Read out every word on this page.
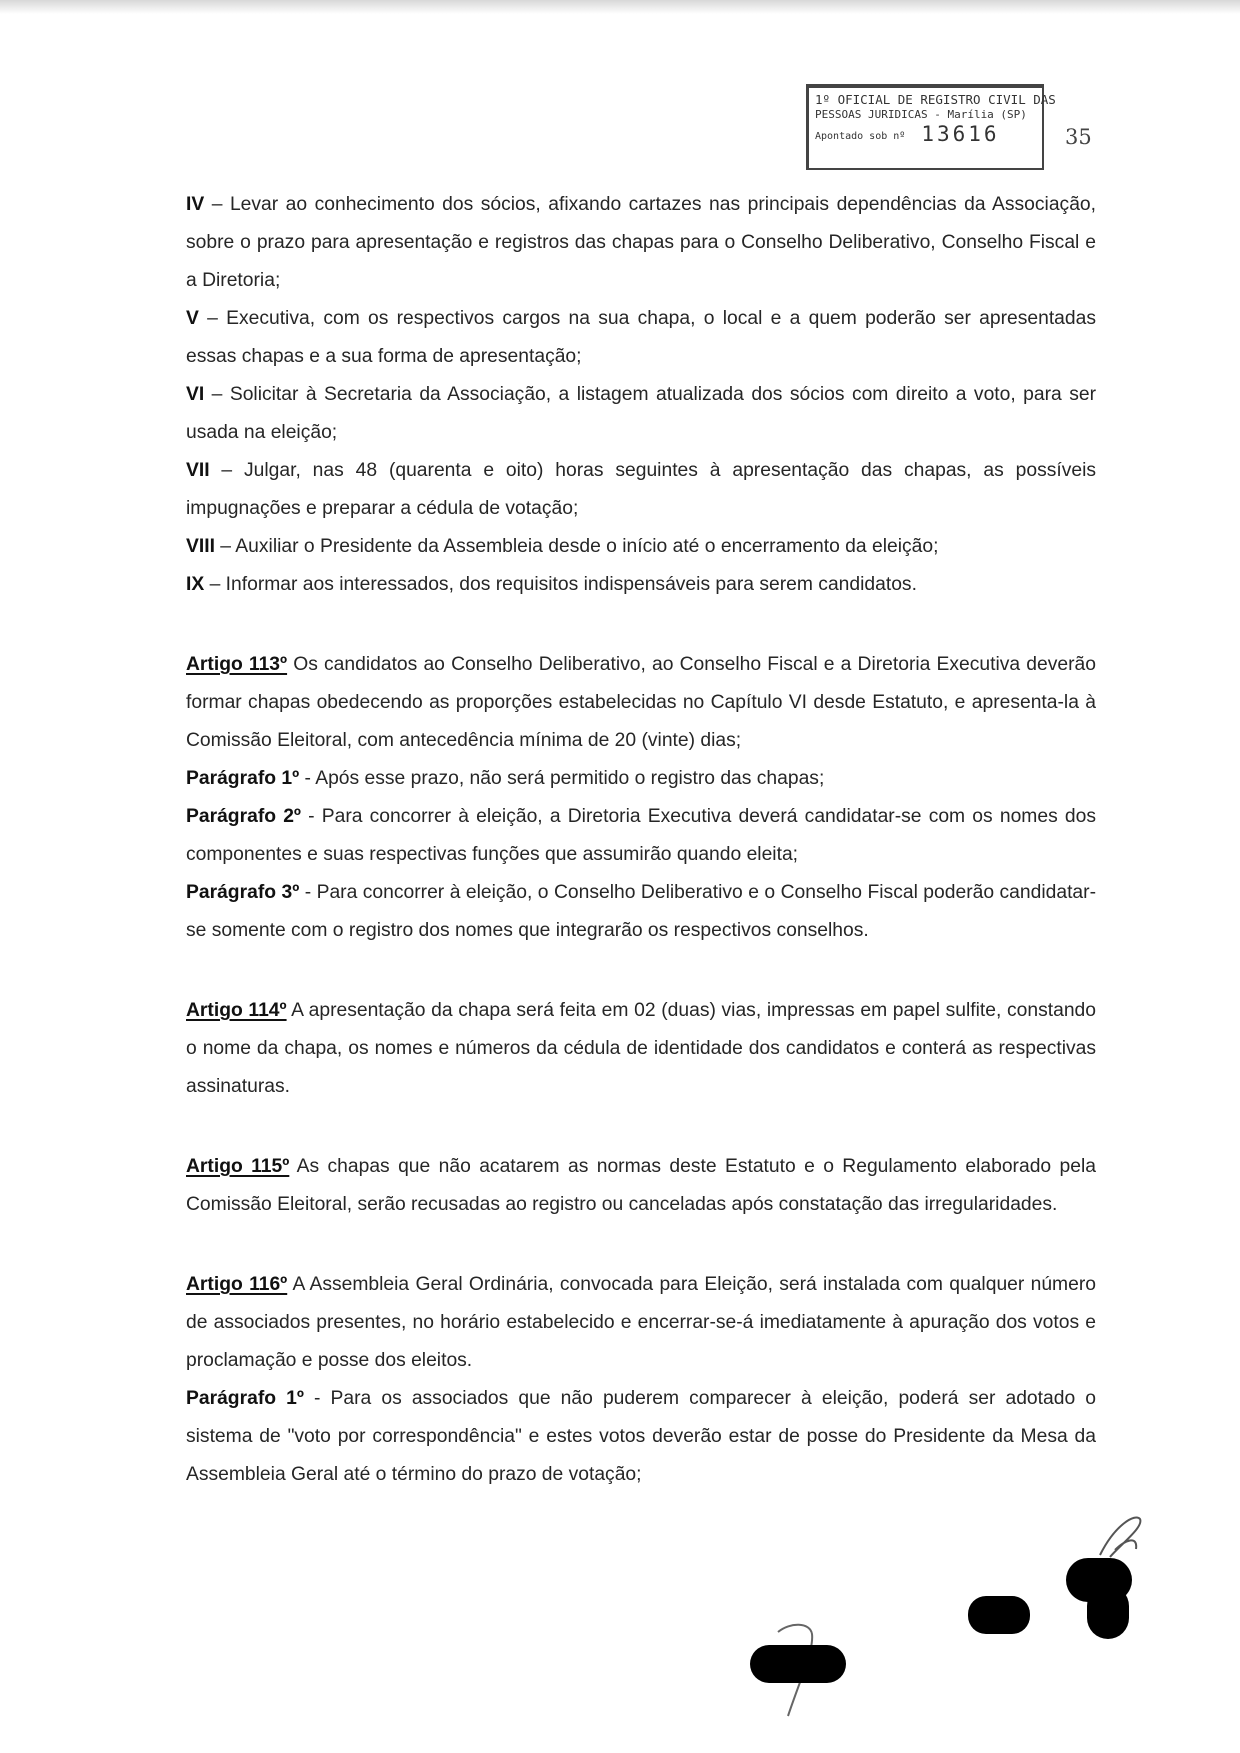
1º OFICIAL DE REGISTRO CIVIL DAS
PESSOAS JURIDICAS - Marília (SP)
Apontado sob nº 13616	35

IV – Levar ao conhecimento dos sócios, afixando cartazes nas principais dependências da Associação, sobre o prazo para apresentação e registros das chapas para o Conselho Deliberativo, Conselho Fiscal e a Diretoria;

V – Executiva, com os respectivos cargos na sua chapa, o local e a quem poderão ser apresentadas essas chapas e a sua forma de apresentação;

VI – Solicitar à Secretaria da Associação, a listagem atualizada dos sócios com direito a voto, para ser usada na eleição;

VII – Julgar, nas 48 (quarenta e oito) horas seguintes à apresentação das chapas, as possíveis impugnações e preparar a cédula de votação;

VIII – Auxiliar o Presidente da Assembleia desde o início até o encerramento da eleição;

IX – Informar aos interessados, dos requisitos indispensáveis para serem candidatos.

Artigo 113º Os candidatos ao Conselho Deliberativo, ao Conselho Fiscal e a Diretoria Executiva deverão formar chapas obedecendo as proporções estabelecidas no Capítulo VI desde Estatuto, e apresenta-la à Comissão Eleitoral, com antecedência mínima de 20 (vinte) dias;

Parágrafo 1º - Após esse prazo, não será permitido o registro das chapas;

Parágrafo 2º - Para concorrer à eleição, a Diretoria Executiva deverá candidatar-se com os nomes dos componentes e suas respectivas funções que assumirão quando eleita;

Parágrafo 3º - Para concorrer à eleição, o Conselho Deliberativo e o Conselho Fiscal poderão candidatar-se somente com o registro dos nomes que integrarão os respectivos conselhos.

Artigo 114º A apresentação da chapa será feita em 02 (duas) vias, impressas em papel sulfite, constando o nome da chapa, os nomes e números da cédula de identidade dos candidatos e conterá as respectivas assinaturas.

Artigo 115º As chapas que não acatarem as normas deste Estatuto e o Regulamento elaborado pela Comissão Eleitoral, serão recusadas ao registro ou canceladas após constatação das irregularidades.

Artigo 116º A Assembleia Geral Ordinária, convocada para Eleição, será instalada com qualquer número de associados presentes, no horário estabelecido e encerrar-se-á imediatamente à apuração dos votos e proclamação e posse dos eleitos.

Parágrafo 1º - Para os associados que não puderem comparecer à eleição, poderá ser adotado o sistema de "voto por correspondência" e estes votos deverão estar de posse do Presidente da Mesa da Assembleia Geral até o término do prazo de votação;
